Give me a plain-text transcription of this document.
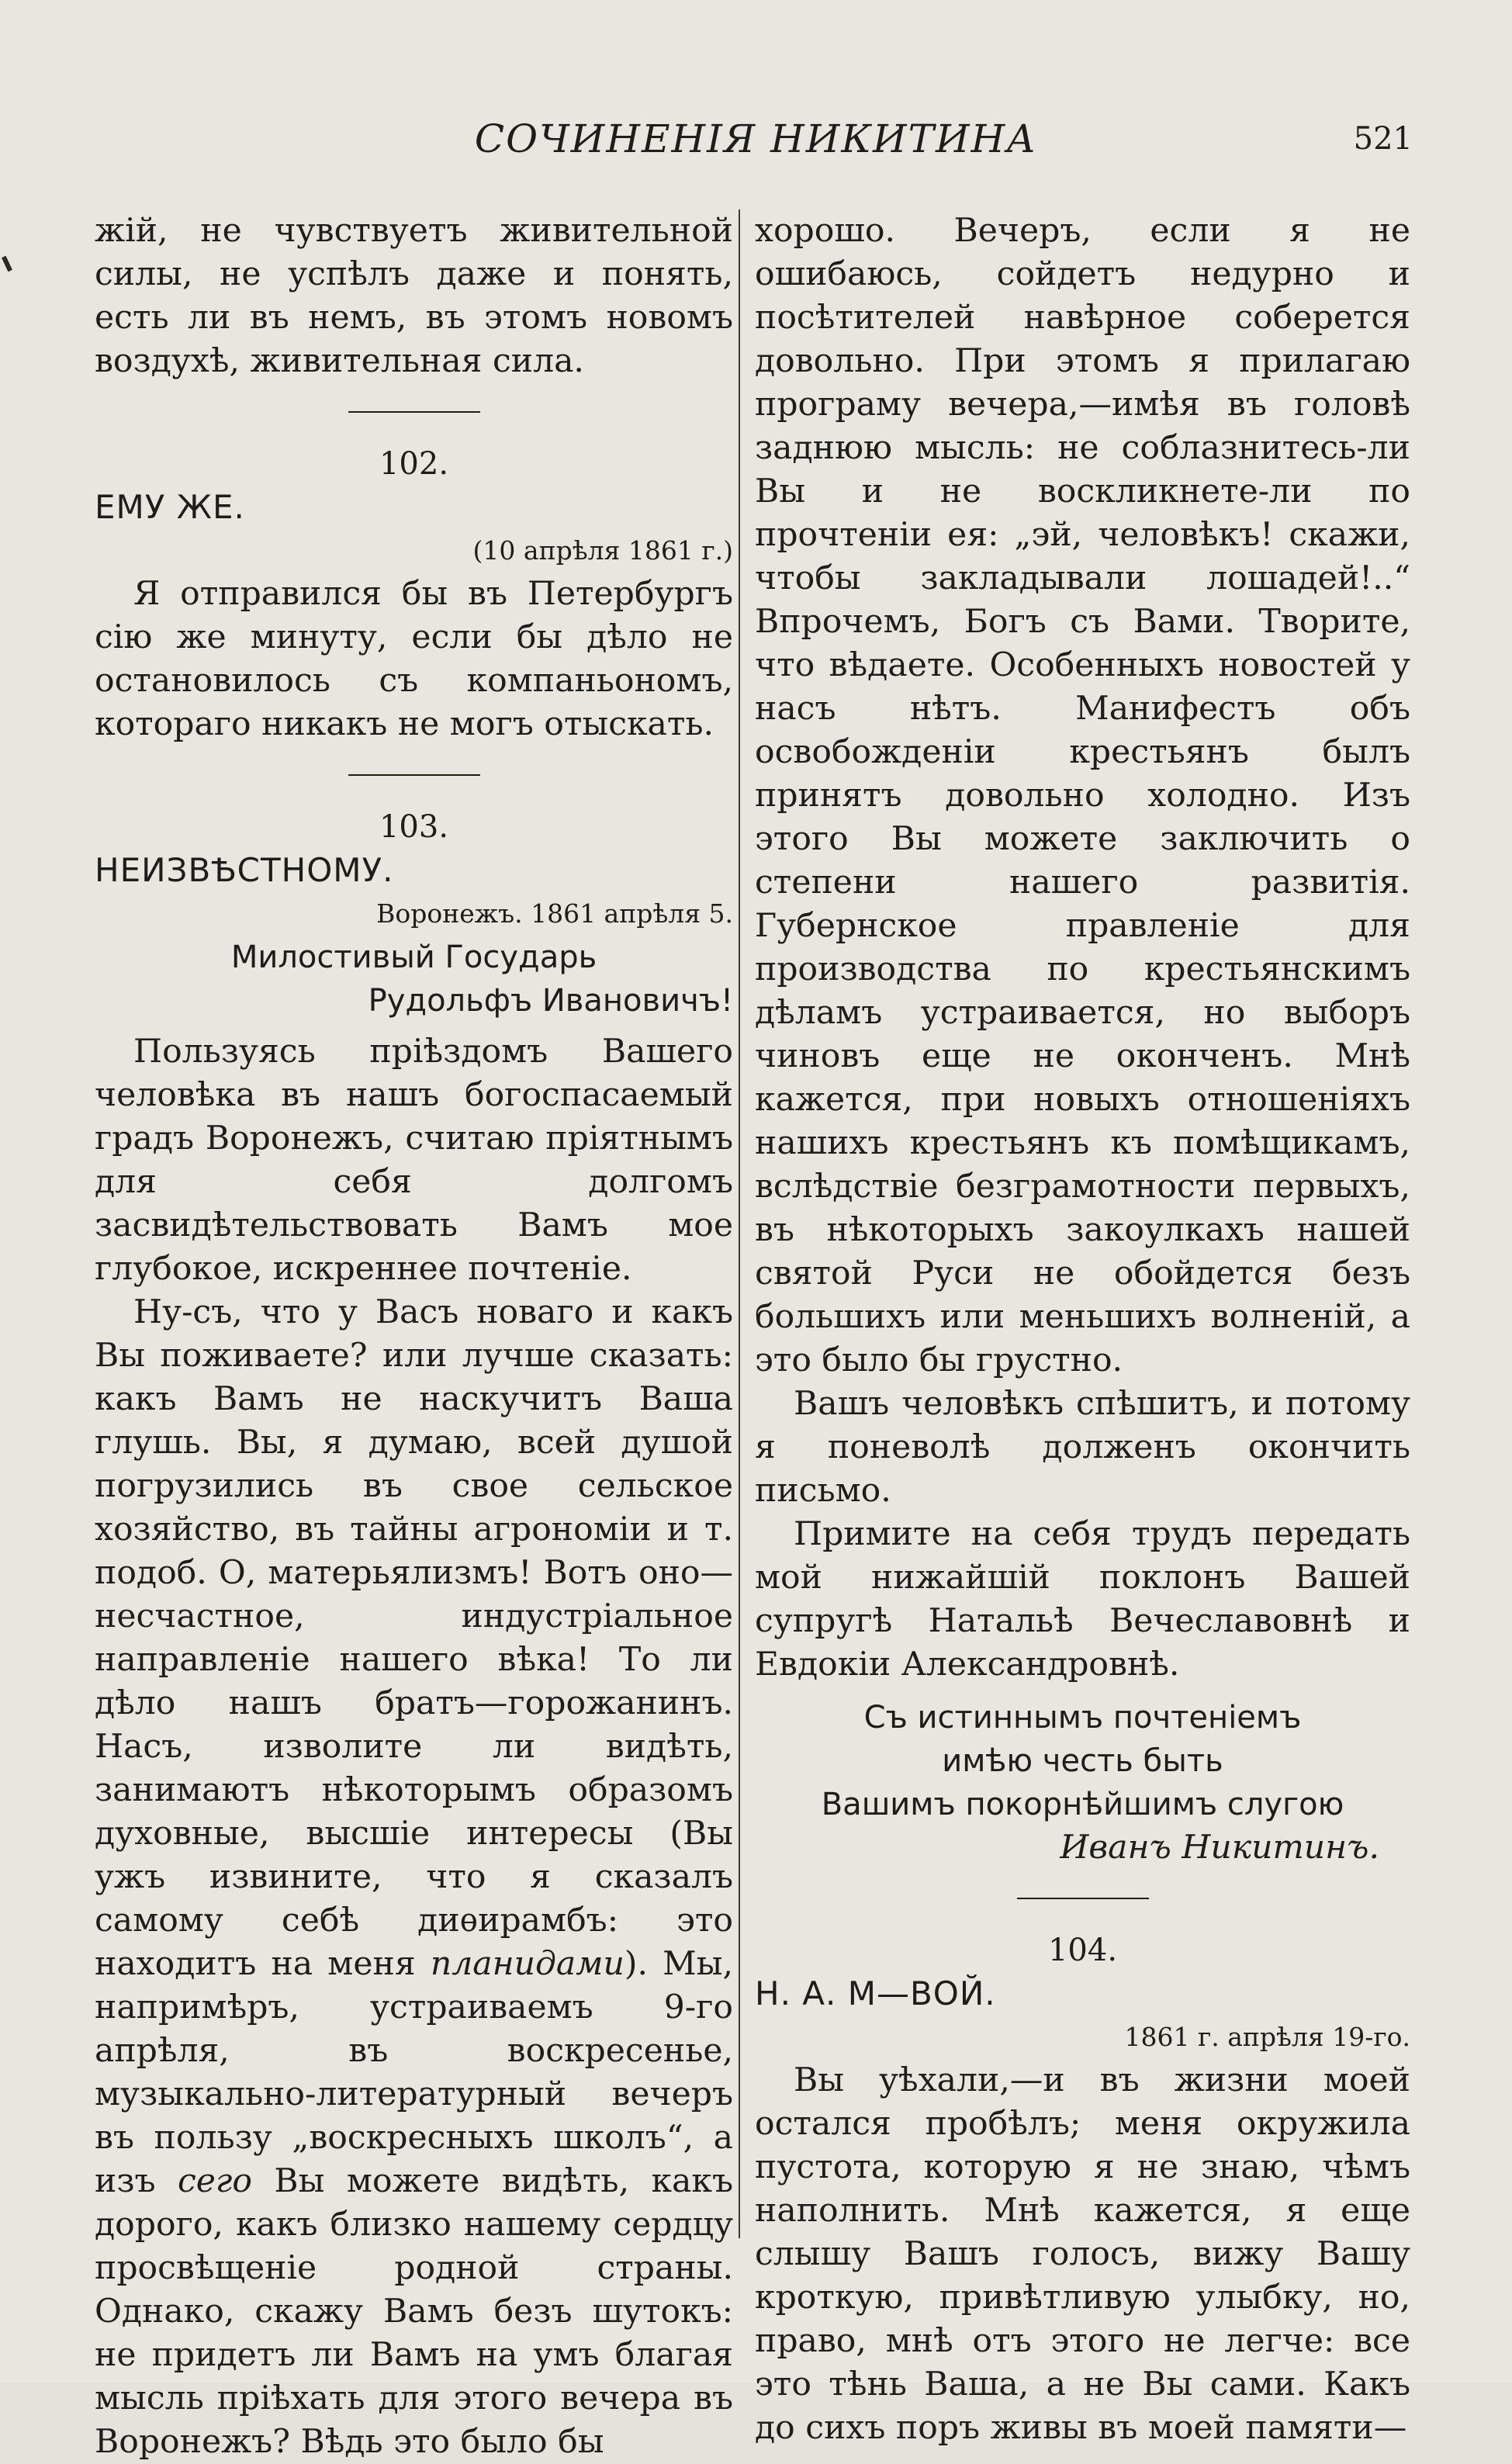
СОЧИНЕНІЯ НИКИТИНА	521

жій, не чувствуетъ живительной силы, не успѣлъ даже и понять, есть ли въ немъ, въ этомъ новомъ воздухѣ, живительная сила.

102.

ЕМУ ЖЕ.

(10 апрѣля 1861 г.)

Я отправился бы въ Петербургъ сію же минуту, если бы дѣло не остановилось съ компаньономъ, котораго никакъ не могъ отыскать.

103.

НЕИЗВѢСТНОМУ.

Воронежъ. 1861 апрѣля 5.

Милостивый Государь

Рудольфъ Ивановичъ!

Пользуясь пріѣздомъ Вашего человѣка въ нашъ богоспасаемый градъ Воронежъ, считаю пріятнымъ для себя долгомъ засвидѣтельствовать Вамъ мое глубокое, искреннее почтеніе.

Ну-съ, что у Васъ новаго и какъ Вы поживаете? или лучше сказать: какъ Вамъ не наскучитъ Ваша глушь. Вы, я думаю, всей душой погрузились въ свое сельское хозяйство, въ тайны агрономіи и т. подоб. О, матерьялизмъ! Вотъ оно—несчастное, индустріальное направленіе нашего вѣка! То ли дѣло нашъ братъ—горожанинъ. Насъ, изволите ли видѣть, занимаютъ нѣкоторымъ образомъ духовные, высшіе интересы (Вы ужъ извините, что я сказалъ самому себѣ диѳирамбъ: это находитъ на меня планидами). Мы, напримѣръ, устраиваемъ 9-го апрѣля, въ воскресенье, музыкально-литературный вечеръ въ пользу „воскресныхъ школъ“, а изъ сего Вы можете видѣть, какъ дорого, какъ близко нашему сердцу просвѣщеніе родной страны. Однако, скажу Вамъ безъ шутокъ: не придетъ ли Вамъ на умъ благая мысль пріѣхать для этого вечера въ Воронежъ? Вѣдь это было бы

хорошо. Вечеръ, если я не ошибаюсь, сойдетъ недурно и посѣтителей навѣрное соберется довольно. При этомъ я прилагаю програму вечера,—имѣя въ головѣ заднюю мысль: не соблазнитесь-ли Вы и не воскликнете-ли по прочтеніи ея: „эй, человѣкъ! скажи, чтобы закладывали лошадей!..“ Впрочемъ, Богъ съ Вами. Творите, что вѣдаете. Особенныхъ новостей у насъ нѣтъ. Манифестъ объ освобожденіи крестьянъ былъ принятъ довольно холодно. Изъ этого Вы можете заключить о степени нашего развитія. Губернское правленіе для производства по крестьянскимъ дѣламъ устраивается, но выборъ чиновъ еще не оконченъ. Мнѣ кажется, при новыхъ отношеніяхъ нашихъ крестьянъ къ помѣщикамъ, вслѣдствіе безграмотности первыхъ, въ нѣкоторыхъ закоулкахъ нашей святой Руси не обойдется безъ большихъ или меньшихъ волненій, а это было бы грустно.

Вашъ человѣкъ спѣшитъ, и потому я поневолѣ долженъ окончить письмо.

Примите на себя трудъ передать мой нижайшій поклонъ Вашей супругѣ Натальѣ Вечеславовнѣ и Евдокіи Александровнѣ.

Съ истиннымъ почтеніемъ

имѣю честь быть

Вашимъ покорнѣйшимъ слугою

Иванъ Никитинъ.

104.

Н. А. М—ВОЙ.

1861 г. апрѣля 19-го.

Вы уѣхали,—и въ жизни моей остался пробѣлъ; меня окружила пустота, которую я не знаю, чѣмъ наполнить. Мнѣ кажется, я еще слышу Вашъ голосъ, вижу Вашу кроткую, привѣтливую улыбку, но, право, мнѣ отъ этого не легче: все это тѣнь Ваша, а не Вы сами. Какъ до сихъ поръ живы въ моей памяти—
